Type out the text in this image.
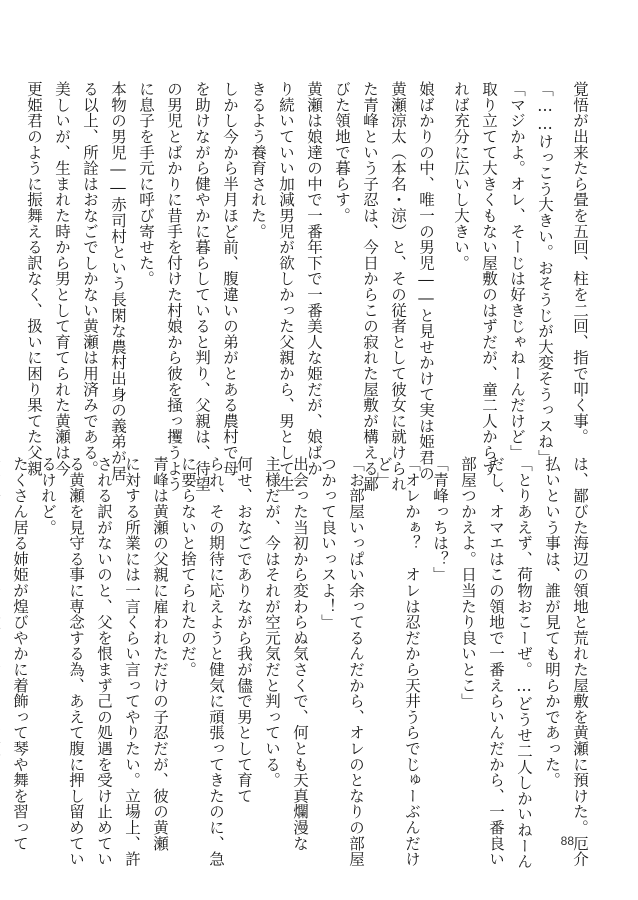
覚悟が出来たら畳を五回、柱を二回、指で叩く事。
「……けっこう大きい。おそうじが大変そうっスね」
「マジかよ。オレ、そーじは好きじゃねーんだけど」
取り立てて大きくもない屋敷のはずだが、童二人からす
れば充分に広いし大きい。
娘ばかりの中、唯一の男児――と見せかけて実は姫君の
黄瀬涼太（本名・涼）と、その従者として彼女に就けられ
た青峰という子忍は、今日からこの寂れた屋敷が構える鄙
びた領地で暮らす。
黄瀬は娘達の中で一番年下で一番美人な姫だが、娘ばか
り続いていい加減男児が欲しかった父親から、男として生
きるよう養育された。
しかし今から半月ほど前、腹違いの弟がとある農村で母
を助けながら健やかに暮らしていると判り、父親は、待望
の男児とばかりに昔手を付けた村娘から彼を掻っ攫うよう
に息子を手元に呼び寄せた。
本物の男児――赤司村という長閑な農村出身の義弟が居
る以上、所詮はおなごでしかない黄瀬は用済みである。
美しいが、生まれた時から男として育てられた黄瀬は今
更姫君のように振舞える訳なく、扱いに困り果てた父親
は、鄙びた海辺の領地と荒れた屋敷を黄瀬に預けた。厄介
払いという事は、誰が見ても明らかであった。
「とりあえず、荷物おこーぜ。…どうせ二人しかいねーん
だし、オマエはこの領地で一番えらいんだから、一番良い
部屋つかえよ。日当たり良いとこ」
「青峰っちは？」
「オレかぁ？　オレは忍だから天井うらでじゅーぶんだけ
ど」
「お部屋いっぱい余ってるんだから、オレのとなりの部屋
つかって良いっスよ！」
出会った当初から変わらぬ気さくで、何とも天真爛漫な
主様だが、今はそれが空元気だと判っている。
何せ、おなごでありながら我が儘で男として育て
られ、その期待に応えようと健気に頑張ってきたのに、急
に要らないと捨てられたのだ。
青峰は黄瀬の父親に雇われただけの子忍だが、彼の黄瀬
に対する所業には一言くらい言ってやりたい。立場上、許
される訳がないのと、父を恨まず己の処遇を受け止めてい
る黄瀬を見守る事に専念する為、あえて腹に押し留めてい
るけれど。
たくさん居る姉姫が煌びやかに着飾って琴や舞を習って	88
